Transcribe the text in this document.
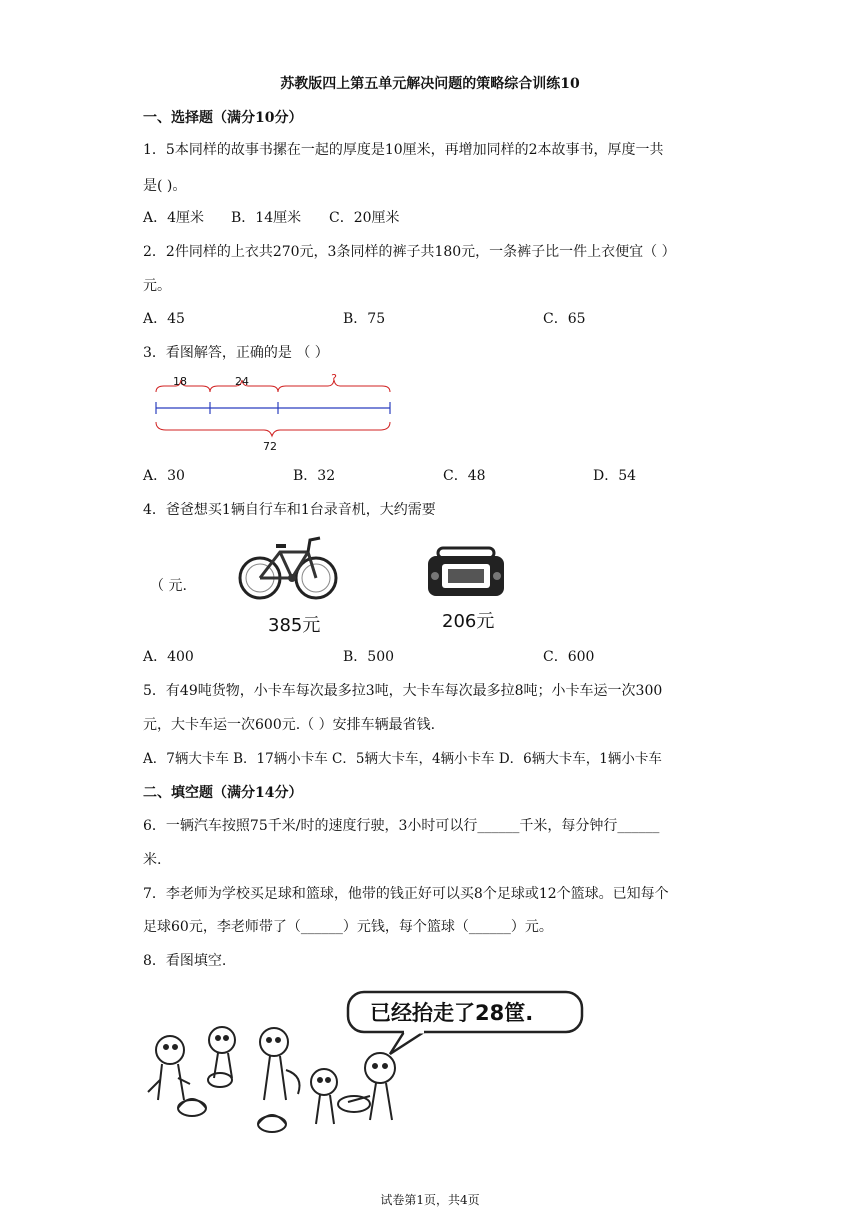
苏教版四上第五单元解决问题的策略综合训练10
一、选择题（满分10分）
1．5本同样的故事书摞在一起的厚度是10厘米，再增加同样的2本故事书，厚度一共
是( )。
A．4厘米 B．14厘米 C．20厘米
2．2件同样的上衣共270元，3条同样的裤子共180元，一条裤子比一件上衣便宜（ ）
元。
A．45	B．75	C．65
3．看图解答，正确的是 （ ）
18	24	?
72
A．30	B．32	C．48	D．54
4．爸爸想买1辆自行车和1台录音机，大约需要
（ 元.
385元	206元
A．400	B．500	C．600
5．有49吨货物，小卡车每次最多拉3吨，大卡车每次最多拉8吨；小卡车运一次300
元，大卡车运一次600元.（ ）安排车辆最省钱.
A．7辆大卡车 B．17辆小卡车 C．5辆大卡车，4辆小卡车 D．6辆大卡车，1辆小卡车
二、填空题（满分14分）
6．一辆汽车按照75千米/时的速度行驶，3小时可以行______千米，每分钟行______
米.
7．李老师为学校买足球和篮球，他带的钱正好可以买8个足球或12个篮球。已知每个
足球60元，李老师带了（______）元钱，每个篮球（______）元。
8．看图填空.
已经抬走了28筐.
试卷第1页，共4页
